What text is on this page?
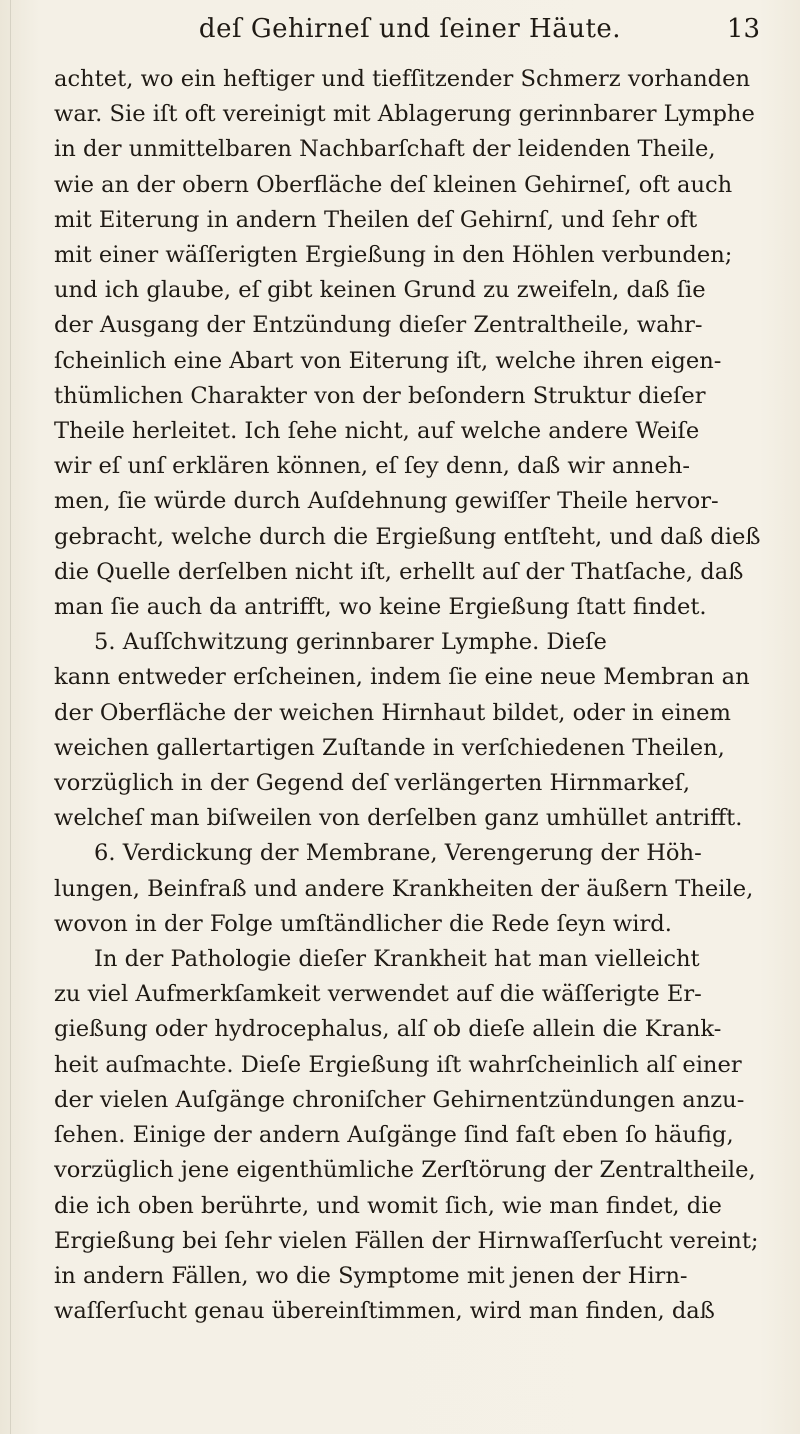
deſ Gehirneſ und ſeiner Häute.	13
achtet, wo ein heftiger und tiefſitzender Schmerz vorhanden
war. Sie iſt oft vereinigt mit Ablagerung gerinnbarer Lymphe
in der unmittelbaren Nachbarſchaft der leidenden Theile,
wie an der obern Oberfläche deſ kleinen Gehirneſ, oft auch
mit Eiterung in andern Theilen deſ Gehirnſ, und ſehr oft
mit einer wäſſerigten Ergießung in den Höhlen verbunden;
und ich glaube, eſ gibt keinen Grund zu zweifeln, daß ſie
der Ausgang der Entzündung dieſer Zentraltheile, wahr-
ſcheinlich eine Abart von Eiterung iſt, welche ihren eigen-
thümlichen Charakter von der beſondern Struktur dieſer
Theile herleitet. Ich ſehe nicht, auf welche andere Weiſe
wir eſ unſ erklären können, eſ ſey denn, daß wir anneh-
men, ſie würde durch Auſdehnung gewiſſer Theile hervor-
gebracht, welche durch die Ergießung entſteht, und daß dieß
die Quelle derſelben nicht iſt, erhellt auſ der Thatſache, daß
man ſie auch da antrifft, wo keine Ergießung ſtatt findet.
5. Auſſchwitzung gerinnbarer Lymphe. Dieſe
kann entweder erſcheinen, indem ſie eine neue Membran an
der Oberfläche der weichen Hirnhaut bildet, oder in einem
weichen gallertartigen Zuſtande in verſchiedenen Theilen,
vorzüglich in der Gegend deſ verlängerten Hirnmarkeſ,
welcheſ man biſweilen von derſelben ganz umhüllet antrifft.
6. Verdickung der Membrane, Verengerung der Höh-
lungen, Beinfraß und andere Krankheiten der äußern Theile,
wovon in der Folge umſtändlicher die Rede ſeyn wird.
In der Pathologie dieſer Krankheit hat man vielleicht
zu viel Aufmerkſamkeit verwendet auf die wäſſerigte Er-
gießung oder hydrocephalus, alſ ob dieſe allein die Krank-
heit auſmachte. Dieſe Ergießung iſt wahrſcheinlich alſ einer
der vielen Auſgänge chroniſcher Gehirnentzündungen anzu-
ſehen. Einige der andern Auſgänge ſind faſt eben ſo häufig,
vorzüglich jene eigenthümliche Zerſtörung der Zentraltheile,
die ich oben berührte, und womit ſich, wie man findet, die
Ergießung bei ſehr vielen Fällen der Hirnwaſſerſucht vereint;
in andern Fällen, wo die Symptome mit jenen der Hirn-
waſſerſucht genau übereinſtimmen, wird man finden, daß
